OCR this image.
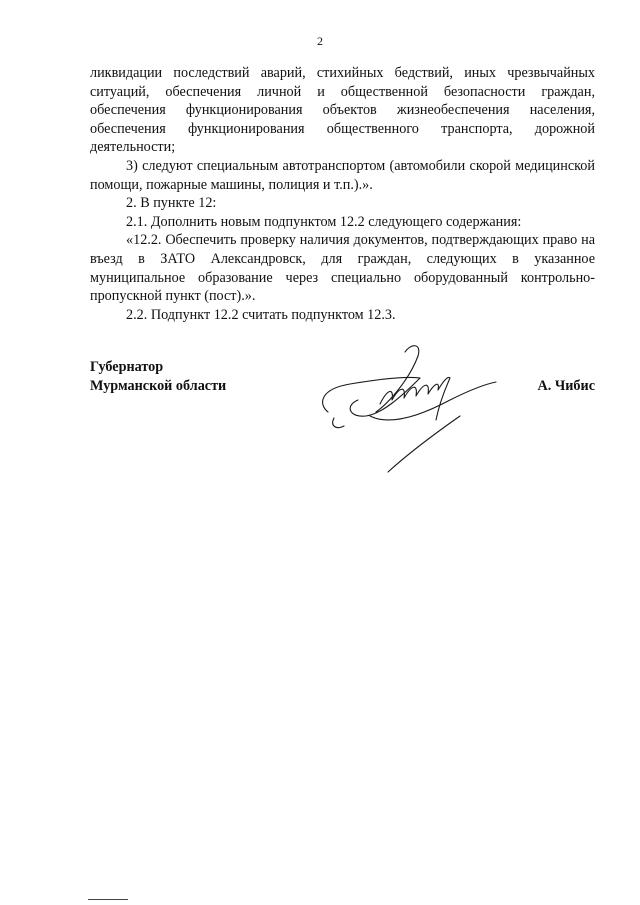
2

ликвидации последствий аварий, стихийных бедствий, иных чрезвычайных ситуаций, обеспечения личной и общественной безопасности граждан, обеспечения функционирования объектов жизнеобеспечения населения, обеспечения функционирования общественного транспорта, дорожной деятельности;

3) следуют специальным автотранспортом (автомобили скорой медицинской помощи, пожарные машины, полиция и т.п.).».

2. В пункте 12:

2.1. Дополнить новым подпунктом 12.2 следующего содержания:

«12.2. Обеспечить проверку наличия документов, подтверждающих право на въезд в ЗАТО Александровск, для граждан, следующих в указанное муниципальное образование через специально оборудованный контрольно-пропускной пункт (пост).».

2.2. Подпункт 12.2 считать подпунктом 12.3.

Губернатор
Мурманской области	А. Чибис
